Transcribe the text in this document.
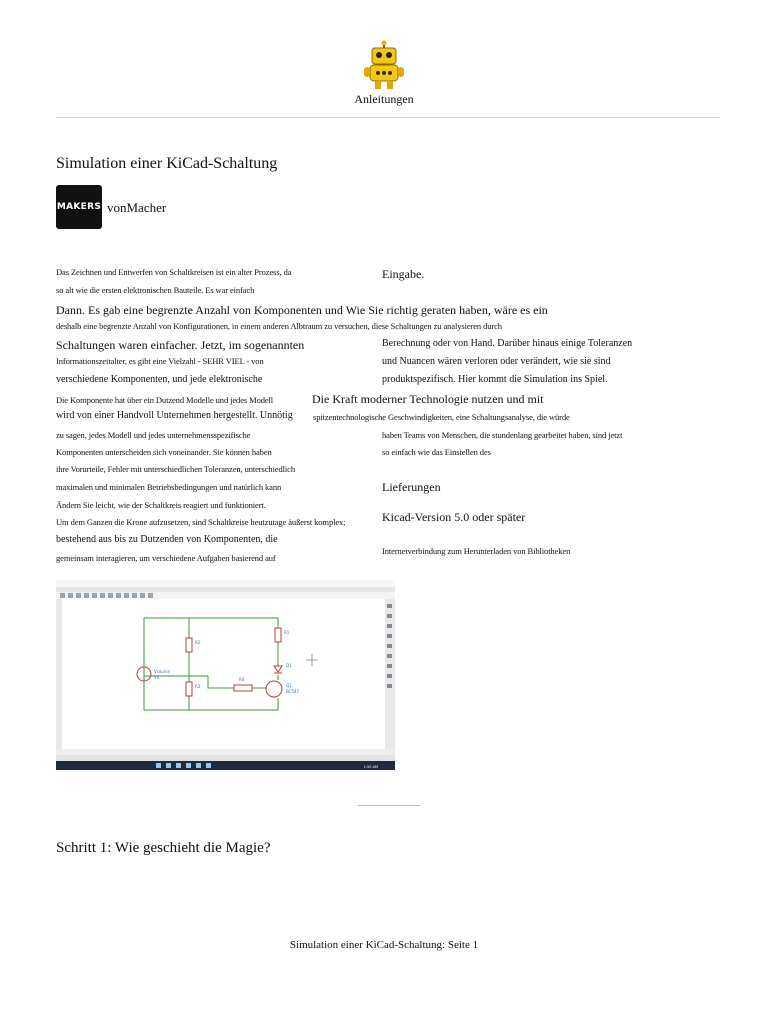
Anleitungen
Simulation einer KiCad-Schaltung
MAKERS vonMacher
Das Zeichnen und Entwerfen von Schaltkreisen ist ein alter Prozess, da	Eingabe.
so alt wie die ersten elektronischen Bauteile. Es war einfach
Dann. Es gab eine begrenzte Anzahl von Komponenten und Wie Sie richtig geraten haben, wäre es ein
deshalb eine begrenzte Anzahl von Konfigurationen, in einem anderen Albtraum zu versuchen, diese Schaltungen zu analysieren durch
Schaltungen waren einfacher. Jetzt, im sogenannten	Berechnung oder von Hand. Darüber hinaus einige Toleranzen
Informationszeitalter, es gibt eine Vielzahl - SEHR VIEL - von	und Nuancen wären verloren oder verändert, wie sie sind
verschiedene Komponenten, und jede elektronische	produktspezifisch. Hier kommt die Simulation ins Spiel.
Die Komponente hat über ein Dutzend Modelle und jedes Modell	Die Kraft moderner Technologie nutzen und mit
wird von einer Handvoll Unternehmen hergestellt. Unnötig spitzentechnologische Geschwindigkeiten, eine Schaltungsanalyse, die würde
zu sagen, jedes Modell und jedes unternehmensspezifische	haben Teams von Menschen, die stundenlang gearbeitet haben, sind jetzt
Komponenten unterscheiden sich voneinander. Sie können haben	so einfach wie das Einstellen des
ihre Vorurteile, Fehler mit unterschiedlichen Toleranzen, unterschiedlich
maximalen und minimalen Betriebsbedingungen und natürlich kann	Lieferungen
Ändern Sie leicht, wie der Schaltkreis reagiert und funktioniert.
Kicad-Version 5.0 oder später
Um dem Ganzen die Krone aufzusetzen, sind Schaltkreise heutzutage äußerst komplex;
bestehend aus bis zu Dutzenden von Komponenten, die
gemeinsam interagieren, um verschiedene Aufgaben basierend auf
Internetverbindung zum Herunterladen von Bibliotheken
R2
R3
R4
R1
D1
Q1
BC547
Vsource
5V
1:50 AM
Schritt 1: Wie geschieht die Magie?
Simulation einer KiCad-Schaltung: Seite 1
